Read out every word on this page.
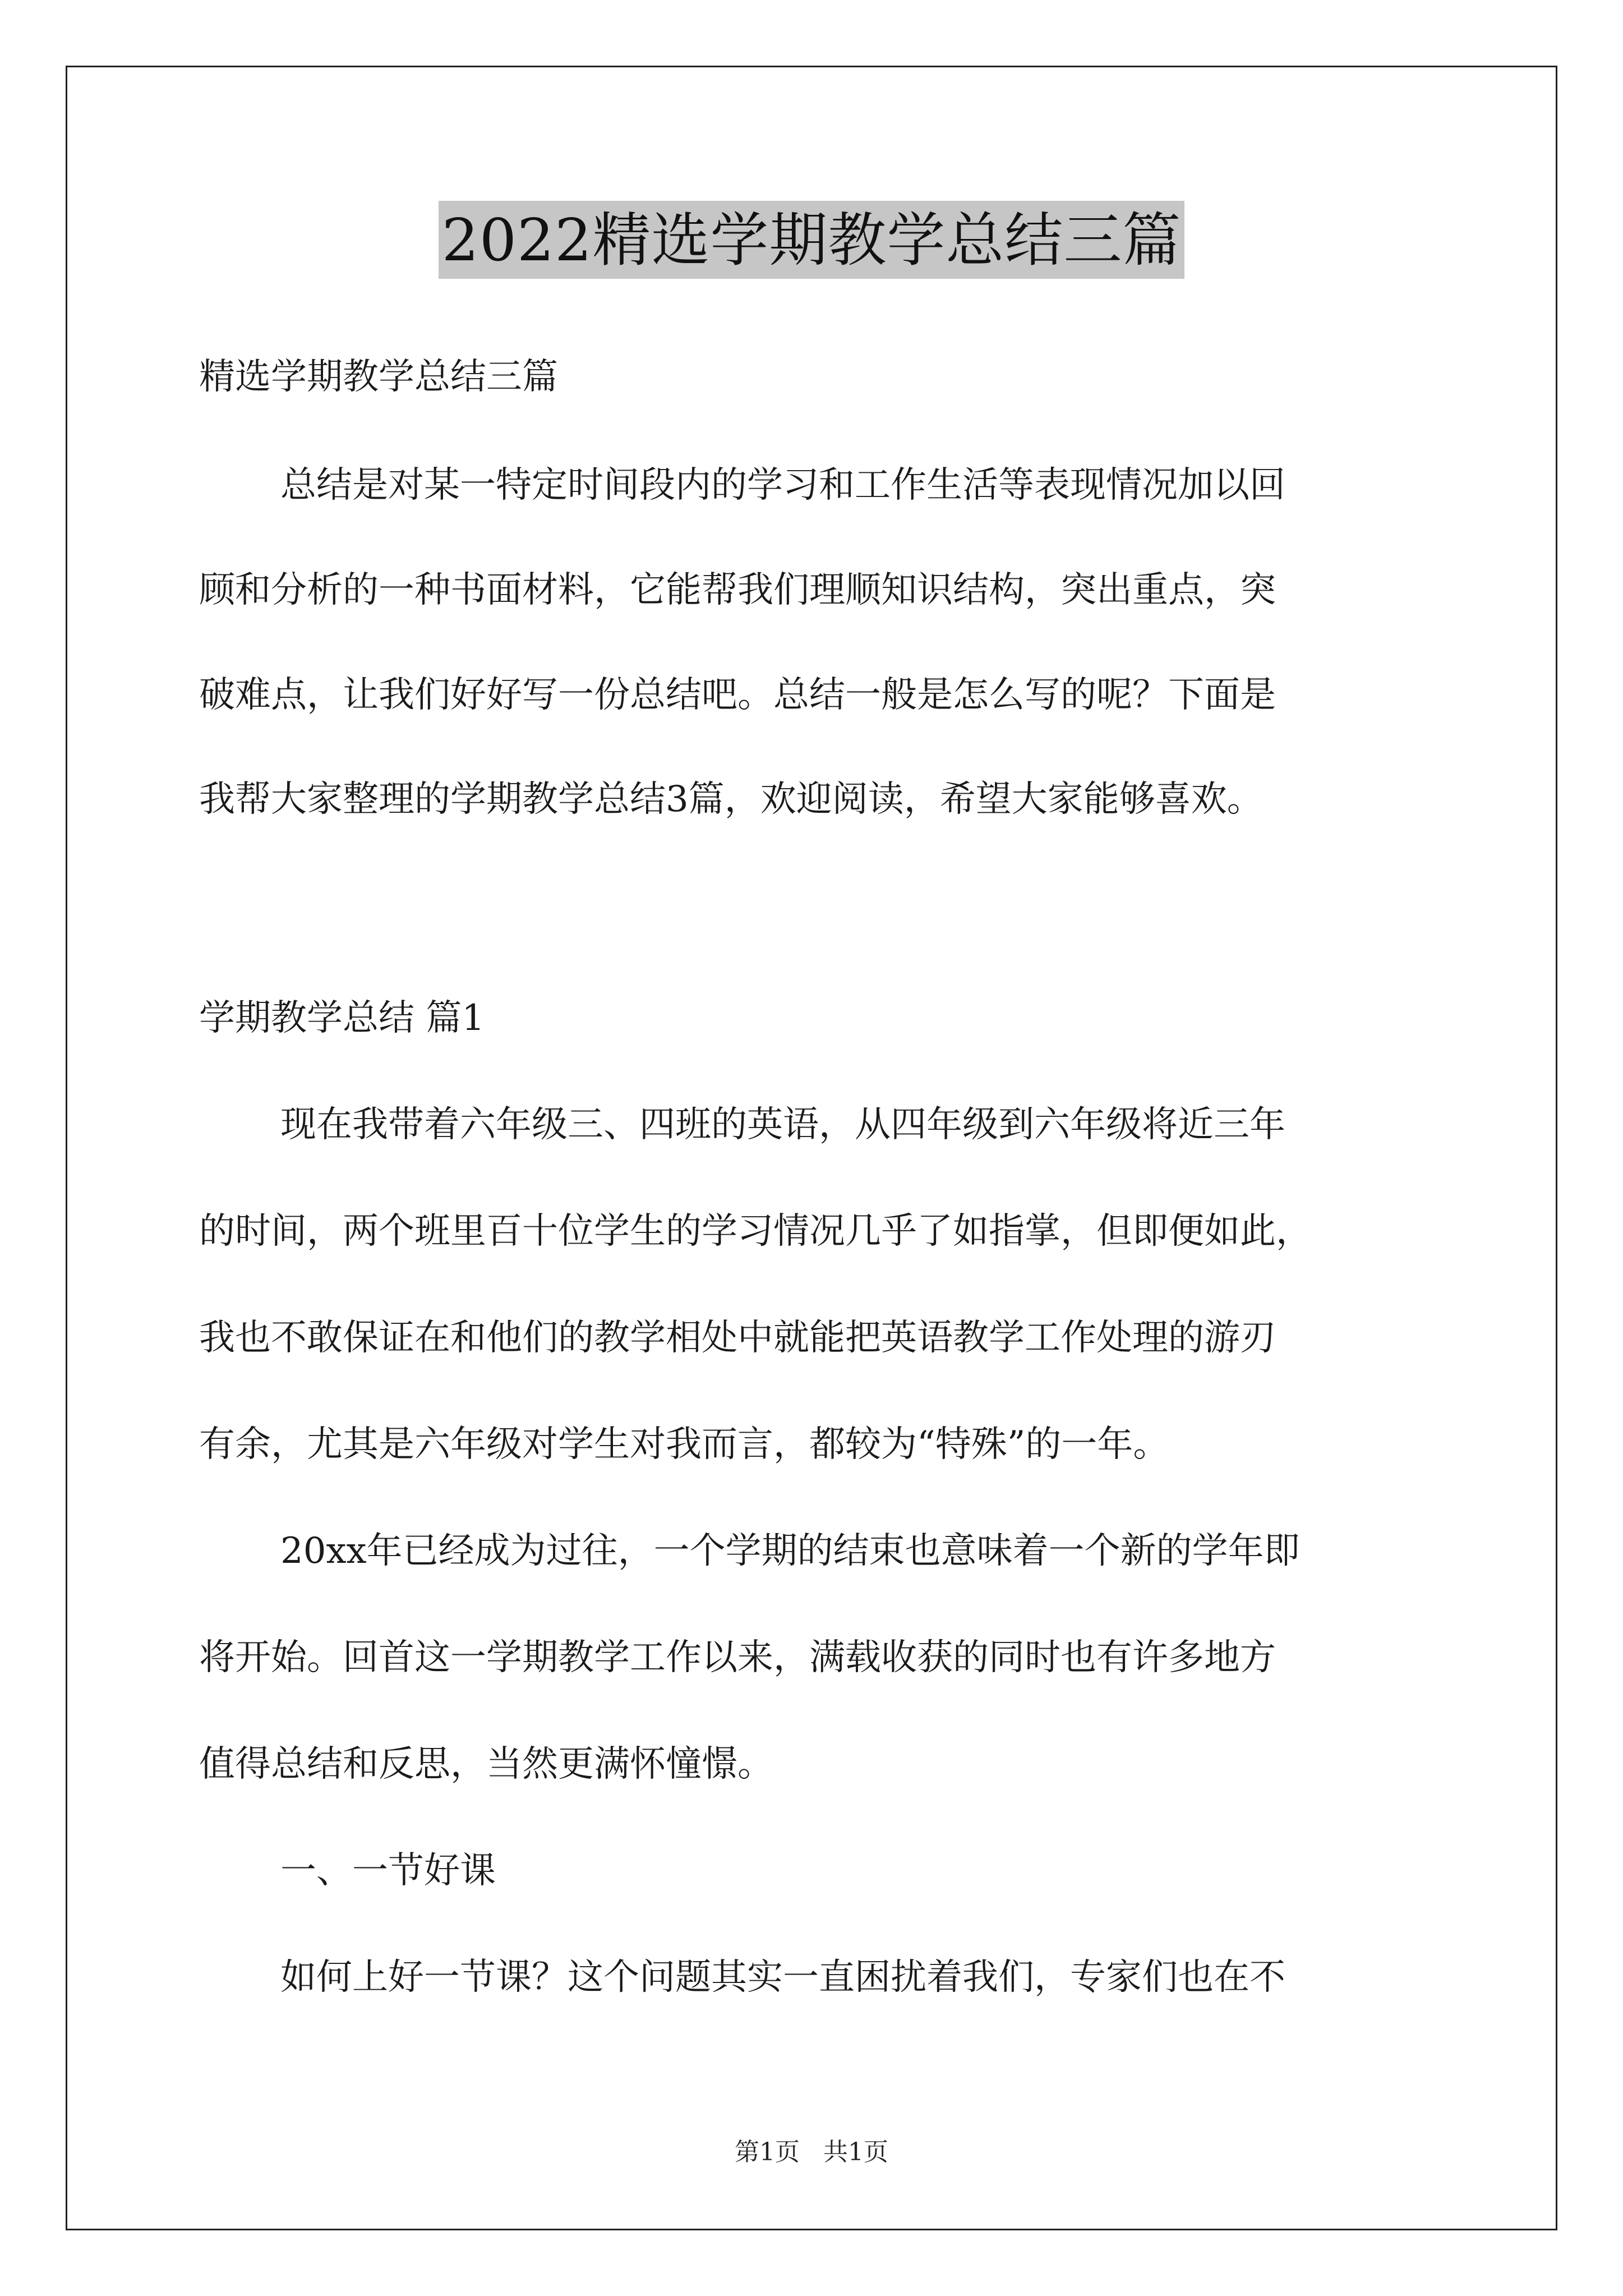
2022精选学期教学总结三篇
精选学期教学总结三篇
总结是对某一特定时间段内的学习和工作生活等表现情况加以回
顾和分析的一种书面材料，它能帮我们理顺知识结构，突出重点，突
破难点，让我们好好写一份总结吧。总结一般是怎么写的呢？下面是
我帮大家整理的学期教学总结3篇，欢迎阅读，希望大家能够喜欢。
学期教学总结 篇1
现在我带着六年级三、四班的英语，从四年级到六年级将近三年
的时间，两个班里百十位学生的学习情况几乎了如指掌，但即便如此，
我也不敢保证在和他们的教学相处中就能把英语教学工作处理的游刃
有余，尤其是六年级对学生对我而言，都较为“特殊”的一年。
20xx年已经成为过往，一个学期的结束也意味着一个新的学年即
将开始。回首这一学期教学工作以来，满载收获的同时也有许多地方
值得总结和反思，当然更满怀憧憬。
一、一节好课
如何上好一节课？这个问题其实一直困扰着我们，专家们也在不
第1页   共1页
